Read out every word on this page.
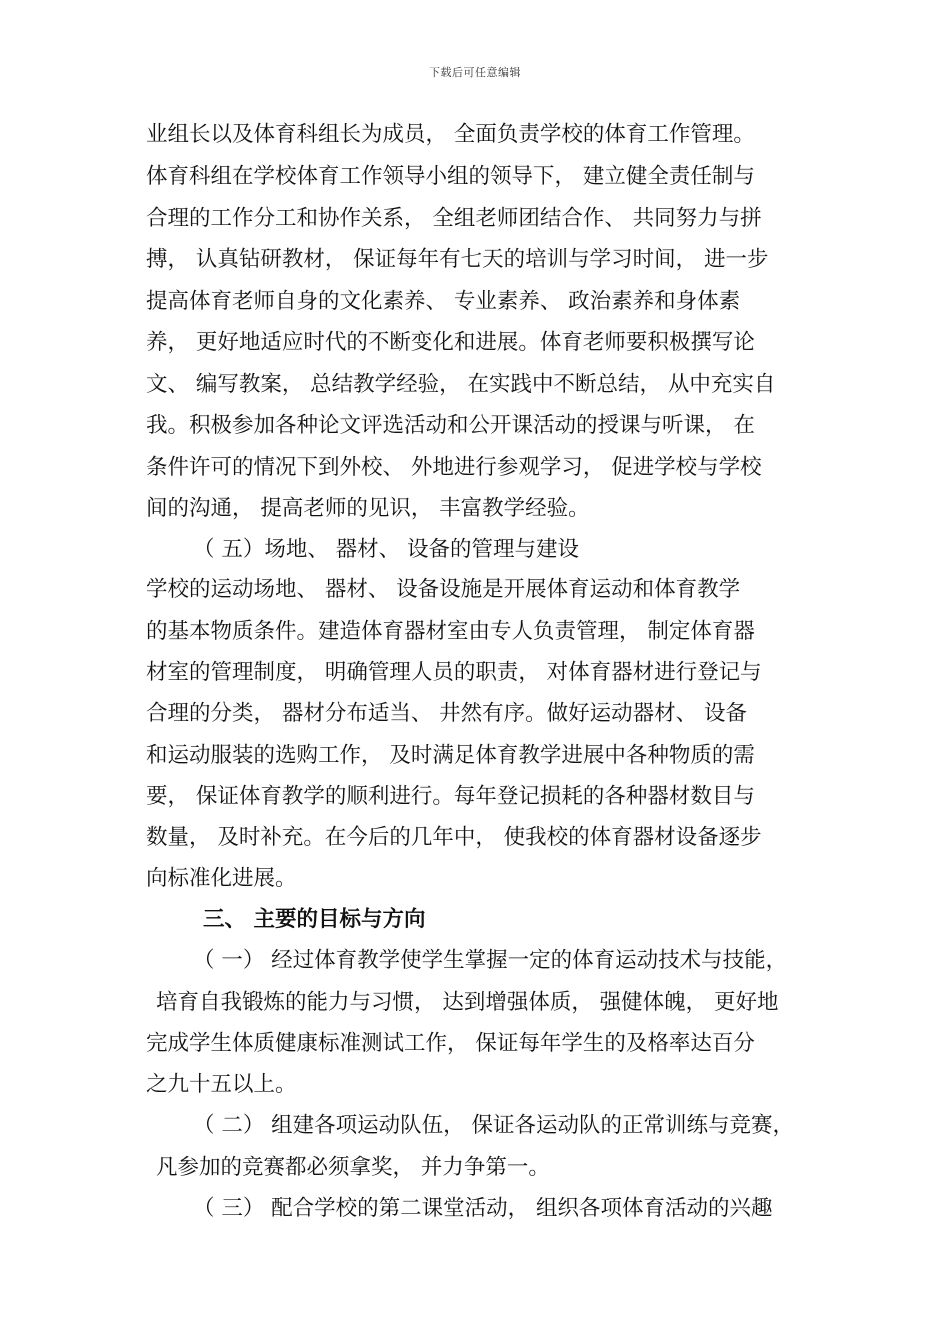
下载后可任意编辑
业组长以及体育科组长为成员， 全面负责学校的体育工作管理。
体育科组在学校体育工作领导小组的领导下， 建立健全责任制与
合理的工作分工和协作关系， 全组老师团结合作、 共同努力与拼
搏， 认真钻研教材， 保证每年有七天的培训与学习时间， 进一步
提高体育老师自身的文化素养、 专业素养、 政治素养和身体素
养， 更好地适应时代的不断变化和进展。体育老师要积极撰写论
文、 编写教案， 总结教学经验， 在实践中不断总结， 从中充实自
我。积极参加各种论文评选活动和公开课活动的授课与听课， 在
条件许可的情况下到外校、 外地进行参观学习， 促进学校与学校
间的沟通， 提高老师的见识， 丰富教学经验。
（ 五）场地、 器材、 设备的管理与建设
学校的运动场地、 器材、 设备设施是开展体育运动和体育教学
的基本物质条件。建造体育器材室由专人负责管理， 制定体育器
材室的管理制度， 明确管理人员的职责， 对体育器材进行登记与
合理的分类， 器材分布适当、 井然有序。做好运动器材、 设备
和运动服装的选购工作， 及时满足体育教学进展中各种物质的需
要， 保证体育教学的顺利进行。每年登记损耗的各种器材数目与
数量， 及时补充。在今后的几年中， 使我校的体育器材设备逐步
向标准化进展。
三、 主要的目标与方向
（ 一） 经过体育教学使学生掌握一定的体育运动技术与技能，
培育自我锻炼的能力与习惯， 达到增强体质， 强健体魄， 更好地
完成学生体质健康标准测试工作， 保证每年学生的及格率达百分
之九十五以上。
（ 二） 组建各项运动队伍， 保证各运动队的正常训练与竞赛，
凡参加的竞赛都必须拿奖， 并力争第一。
（ 三） 配合学校的第二课堂活动， 组织各项体育活动的兴趣
